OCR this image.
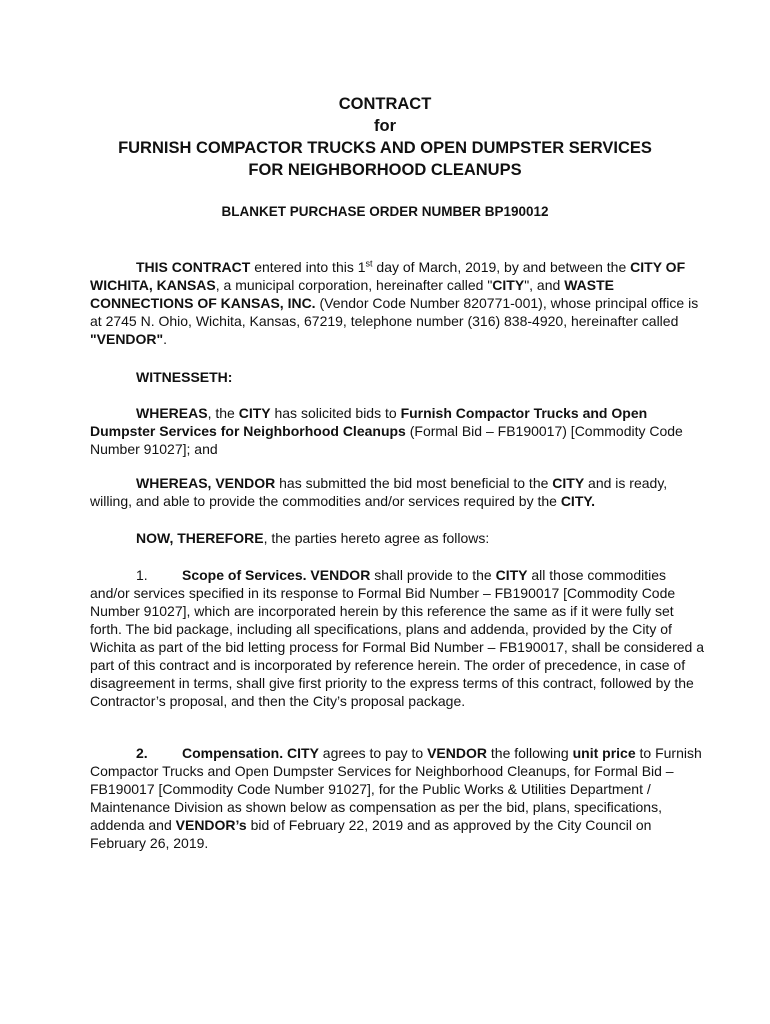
CONTRACT
for
FURNISH COMPACTOR TRUCKS AND OPEN DUMPSTER SERVICES
FOR NEIGHBORHOOD CLEANUPS
BLANKET PURCHASE ORDER NUMBER BP190012
THIS CONTRACT entered into this 1st day of March, 2019, by and between the CITY OF WICHITA, KANSAS, a municipal corporation, hereinafter called "CITY", and WASTE CONNECTIONS OF KANSAS, INC. (Vendor Code Number 820771-001), whose principal office is at 2745 N. Ohio, Wichita, Kansas, 67219, telephone number (316) 838-4920, hereinafter called "VENDOR".
WITNESSETH:
WHEREAS, the CITY has solicited bids to Furnish Compactor Trucks and Open Dumpster Services for Neighborhood Cleanups (Formal Bid – FB190017) [Commodity Code Number 91027]; and
WHEREAS, VENDOR has submitted the bid most beneficial to the CITY and is ready, willing, and able to provide the commodities and/or services required by the CITY.
NOW, THEREFORE, the parties hereto agree as follows:
1. Scope of Services. VENDOR shall provide to the CITY all those commodities and/or services specified in its response to Formal Bid Number – FB190017 [Commodity Code Number 91027], which are incorporated herein by this reference the same as if it were fully set forth. The bid package, including all specifications, plans and addenda, provided by the City of Wichita as part of the bid letting process for Formal Bid Number – FB190017, shall be considered a part of this contract and is incorporated by reference herein. The order of precedence, in case of disagreement in terms, shall give first priority to the express terms of this contract, followed by the Contractor’s proposal, and then the City’s proposal package.
2. Compensation. CITY agrees to pay to VENDOR the following unit price to Furnish Compactor Trucks and Open Dumpster Services for Neighborhood Cleanups, for Formal Bid – FB190017 [Commodity Code Number 91027], for the Public Works & Utilities Department / Maintenance Division as shown below as compensation as per the bid, plans, specifications, addenda and VENDOR’s bid of February 22, 2019 and as approved by the City Council on February 26, 2019.
